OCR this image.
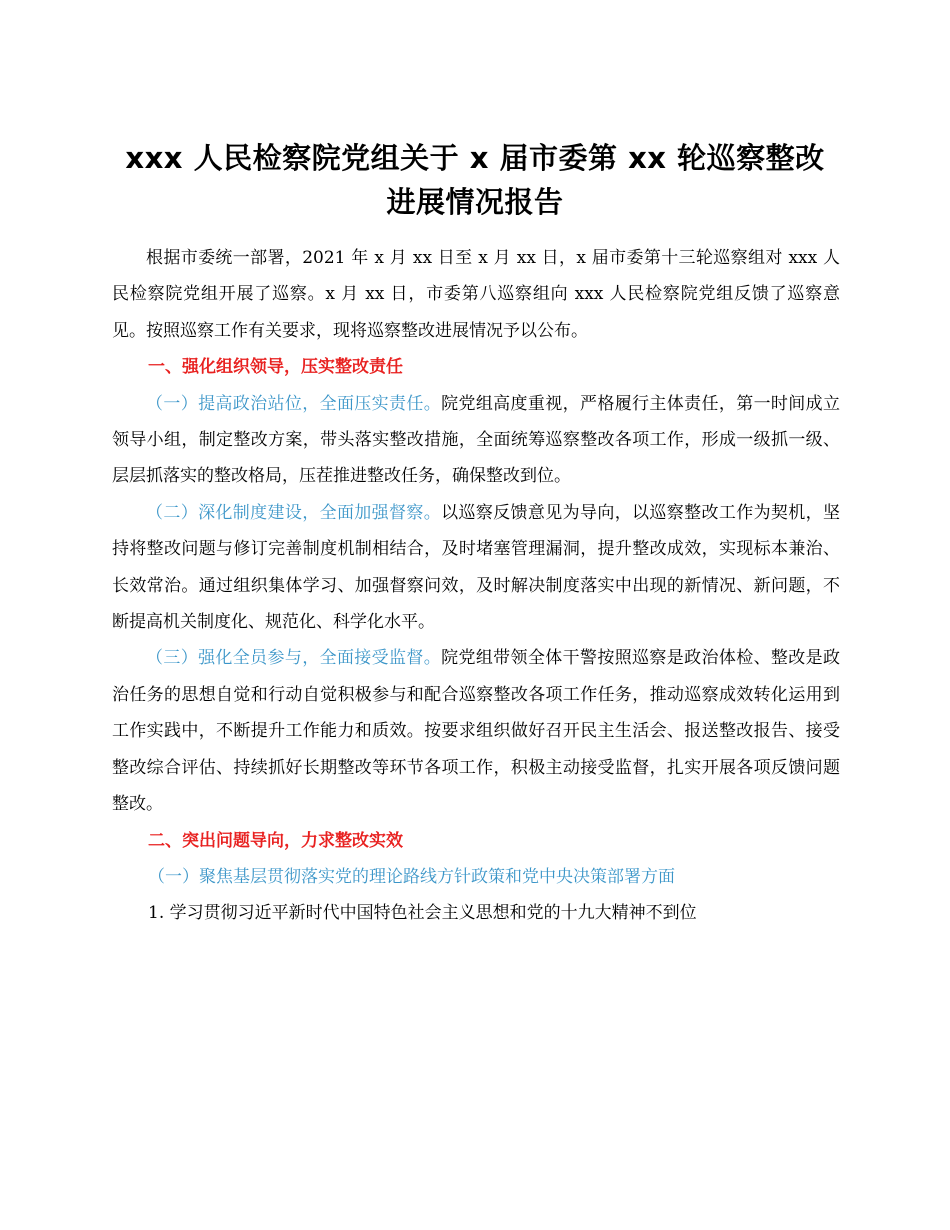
xxx 人民检察院党组关于 x 届市委第 xx 轮巡察整改
进展情况报告

根据市委统一部署，2021 年 x 月 xx 日至 x 月 xx 日，x 届市委第十三轮巡察组对 xxx 人民检察院党组开展了巡察。x 月 xx 日，市委第八巡察组向 xxx 人民检察院党组反馈了巡察意见。按照巡察工作有关要求，现将巡察整改进展情况予以公布。

一、强化组织领导，压实整改责任

（一）提高政治站位，全面压实责任。院党组高度重视，严格履行主体责任，第一时间成立领导小组，制定整改方案，带头落实整改措施，全面统筹巡察整改各项工作，形成一级抓一级、层层抓落实的整改格局，压茬推进整改任务，确保整改到位。

（二）深化制度建设，全面加强督察。以巡察反馈意见为导向，以巡察整改工作为契机，坚持将整改问题与修订完善制度机制相结合，及时堵塞管理漏洞，提升整改成效，实现标本兼治、长效常治。通过组织集体学习、加强督察问效，及时解决制度落实中出现的新情况、新问题，不断提高机关制度化、规范化、科学化水平。

（三）强化全员参与，全面接受监督。院党组带领全体干警按照巡察是政治体检、整改是政治任务的思想自觉和行动自觉积极参与和配合巡察整改各项工作任务，推动巡察成效转化运用到工作实践中，不断提升工作能力和质效。按要求组织做好召开民主生活会、报送整改报告、接受整改综合评估、持续抓好长期整改等环节各项工作，积极主动接受监督，扎实开展各项反馈问题整改。

二、突出问题导向，力求整改实效

（一）聚焦基层贯彻落实党的理论路线方针政策和党中央决策部署方面

1. 学习贯彻习近平新时代中国特色社会主义思想和党的十九大精神不到位
